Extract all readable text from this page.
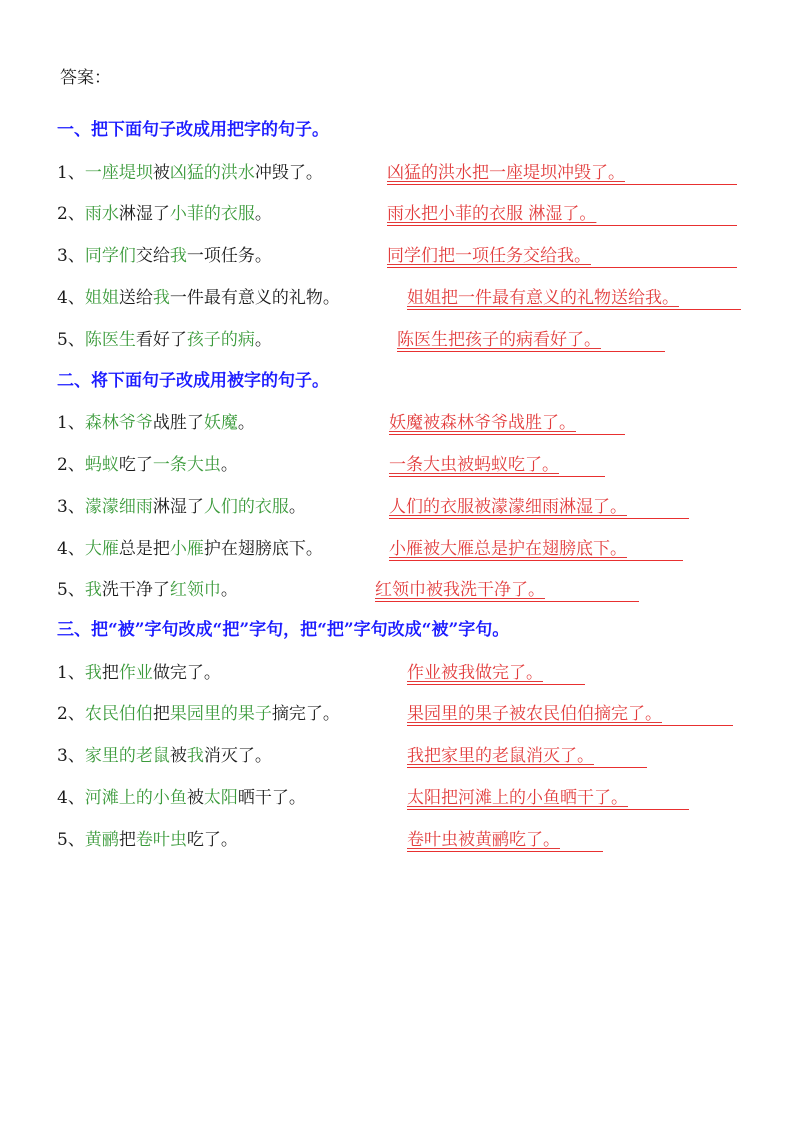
答案：
一、把下面句子改成用把字的句子。
1、一座堤坝被凶猛的洪水冲毁了。	凶猛的洪水把一座堤坝冲毁了。
2、雨水淋湿了小菲的衣服。	雨水把小菲的衣服 淋湿了。
3、同学们交给我一项任务。	同学们把一项任务交给我。
4、姐姐送给我一件最有意义的礼物。	姐姐把一件最有意义的礼物送给我。
5、陈医生看好了孩子的病。	陈医生把孩子的病看好了。
二、将下面句子改成用被字的句子。
1、森林爷爷战胜了妖魔。	妖魔被森林爷爷战胜了。
2、蚂蚁吃了一条大虫。	一条大虫被蚂蚁吃了。
3、濛濛细雨淋湿了人们的衣服。	人们的衣服被濛濛细雨淋湿了。
4、大雁总是把小雁护在翅膀底下。	小雁被大雁总是护在翅膀底下。
5、我洗干净了红领巾。	红领巾被我洗干净了。
三、把“被”字句改成“把”字句，把“把”字句改成“被”字句。
1、我把作业做完了。	作业被我做完了。
2、农民伯伯把果园里的果子摘完了。	果园里的果子被农民伯伯摘完了。
3、家里的老鼠被我消灭了。	我把家里的老鼠消灭了。
4、河滩上的小鱼被太阳晒干了。	太阳把河滩上的小鱼晒干了。
5、黄鹂把卷叶虫吃了。	卷叶虫被黄鹂吃了。
